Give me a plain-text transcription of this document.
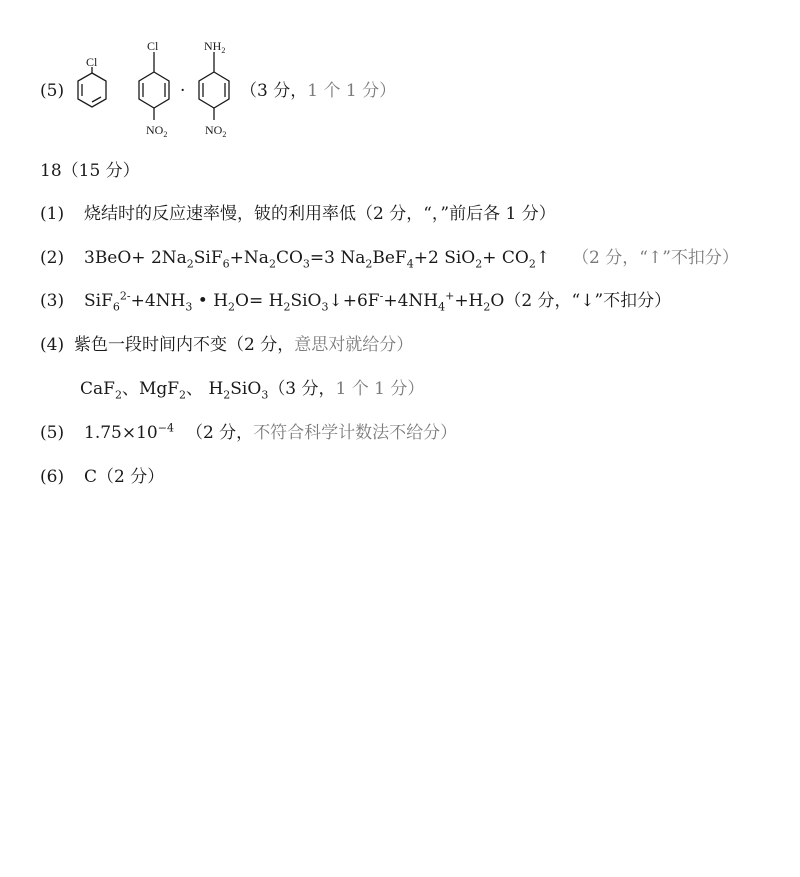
(5)
Cl
Cl
$NO_2$
·
$NH_2$
$NO_2$
（3 分，1 个 1 分）
18（15 分）
(1) 烧结时的反应速率慢，铍的利用率低（2 分，“，”前后各 1 分）
(2) $3BeO+ 2Na_2SiF_6+Na_2CO_3=3$ $Na_2BeF_4+2$ $SiO_2+ CO_2↑$ （2 分，“↑”不扣分）
(3) $SiF_6^{2-}+4NH_3$ • $H_2O=$ $H_2SiO_3↓+6F^-+4NH_4^++H_2O(2$ 分，“↓”不扣分）
(4) 紫色一段时间内不变（2 分，意思对就给分）
CaF$_2$、MgF$_2$、 $H_2SiO_3(3$ 分，1 个 1 分）
(5) $1.75\times 10^{-4}$ （2 分，不符合科学计数法不给分）
(6) C（2 分）
